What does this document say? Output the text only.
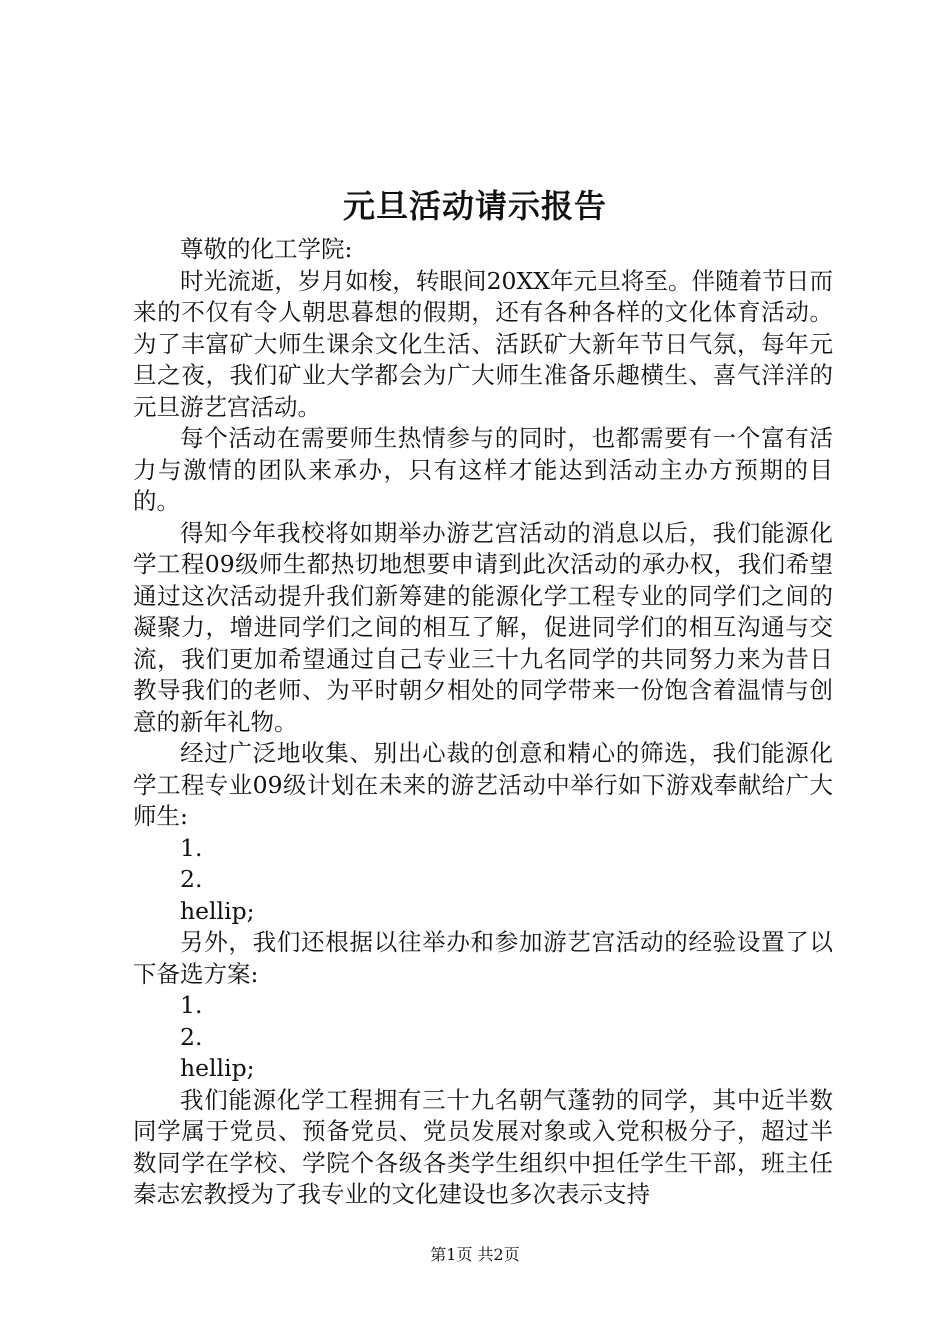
元旦活动请示报告

尊敬的化工学院:

时光流逝，岁月如梭，转眼间20XX年元旦将至。伴随着节日而来的不仅有令人朝思暮想的假期，还有各种各样的文化体育活动。为了丰富矿大师生课余文化生活、活跃矿大新年节日气氛，每年元旦之夜，我们矿业大学都会为广大师生准备乐趣横生、喜气洋洋的元旦游艺宫活动。

每个活动在需要师生热情参与的同时，也都需要有一个富有活力与激情的团队来承办，只有这样才能达到活动主办方预期的目的。

得知今年我校将如期举办游艺宫活动的消息以后，我们能源化学工程09级师生都热切地想要申请到此次活动的承办权，我们希望通过这次活动提升我们新筹建的能源化学工程专业的同学们之间的凝聚力，增进同学们之间的相互了解，促进同学们的相互沟通与交流，我们更加希望通过自己专业三十九名同学的共同努力来为昔日教导我们的老师、为平时朝夕相处的同学带来一份饱含着温情与创意的新年礼物。

经过广泛地收集、别出心裁的创意和精心的筛选，我们能源化学工程专业09级计划在未来的游艺活动中举行如下游戏奉献给广大师生:

1.

2.

hellip;

另外，我们还根据以往举办和参加游艺宫活动的经验设置了以下备选方案:

1.

2.

hellip;

我们能源化学工程拥有三十九名朝气蓬勃的同学，其中近半数同学属于党员、预备党员、党员发展对象或入党积极分子，超过半数同学在学校、学院个各级各类学生组织中担任学生干部，班主任秦志宏教授为了我专业的文化建设也多次表示支持

第1页 共2页
